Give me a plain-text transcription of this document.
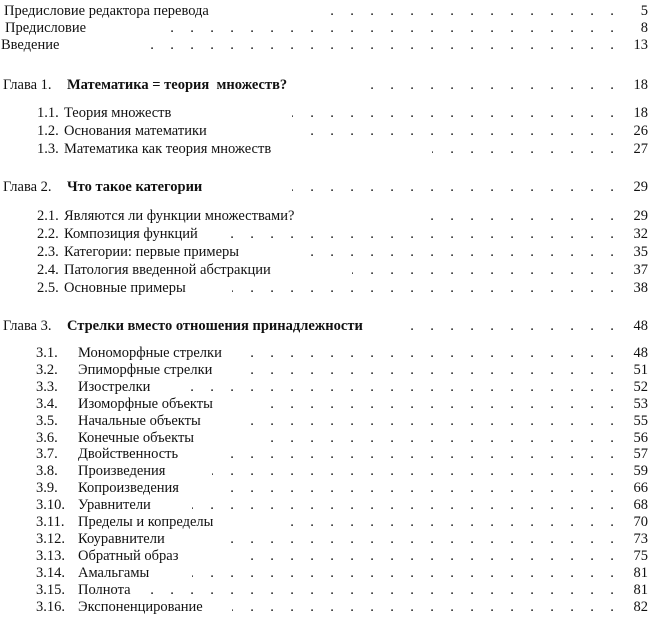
Предисловие редактора перевода	...............	5
Предисловие	.......................	8
Введение	........................	13
Глава 1. Математика = теория  множеств?	.............	18
1.1. Теория множеств	................	18
1.2. Основания математики	................	26
1.3. Математика как теория множеств	.........	27
Глава 2. Что такое категории	................	29
2.1. Являются ли функции множествами?	..........	29
2.2. Композиция функций	....................	32
2.3. Категории: первые примеры	................	35
2.4. Патология введенной абстракции	.............	37
2.5. Основные примеры	...................	38
Глава 3. Стрелки вместо отношения принадлежности	...........	48
3.1. Мономорфные стрелки	...................	48
3.2. Эпиморфные стрелки	...................	51
3.3. Изострелки	......................	52
3.4. Изоморфные объекты	..................	53
3.5. Начальные объекты	...................	55
3.6. Конечные объекты	..................	56
3.7. Двойственность	....................	57
3.8. Произведения	....................	59
3.9. Копроизведения	....................	66
3.10. Уравнители	.....................	68
3.11. Пределы и копределы	.................	70
3.12. Коуравнители	....................	73
3.13. Обратный образ	...................	75
3.14. Амальгамы	.....................	81
3.15. Полнота	........................	81
3.16. Экспоненцирование	...................	82
